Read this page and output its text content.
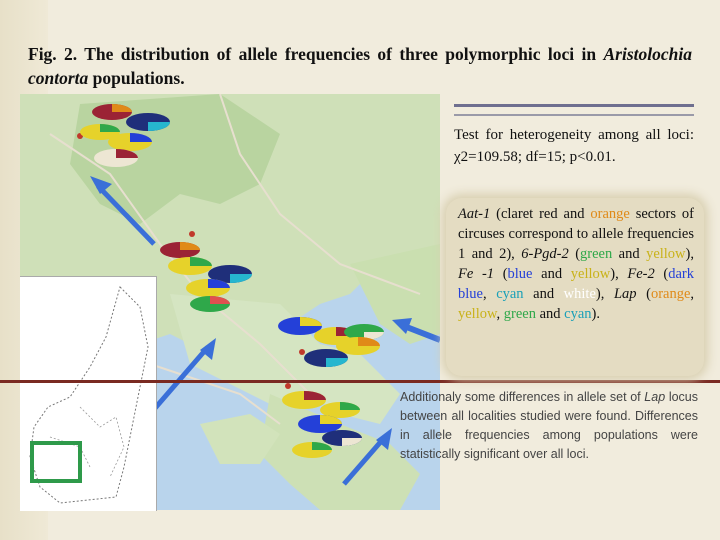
Fig. 2. The distribution of allele frequencies of three polymorphic loci in Aristolochia contorta populations.

Test for heterogeneity among all loci: χ2=109.58; df=15; p<0.01.

Aat-1 (claret red and orange sectors of circuses correspond to allele frequencies 1 and 2), 6-Pgd-2 (green and yellow), Fe -1 (blue and yellow), Fe-2 (dark blue, cyan and white), Lap (orange, yellow, green and cyan).

Additionaly some differences in allele set of Lap locus between all localities studied were found. Differences in allele frequencies among populations were statistically significant over all loci.
